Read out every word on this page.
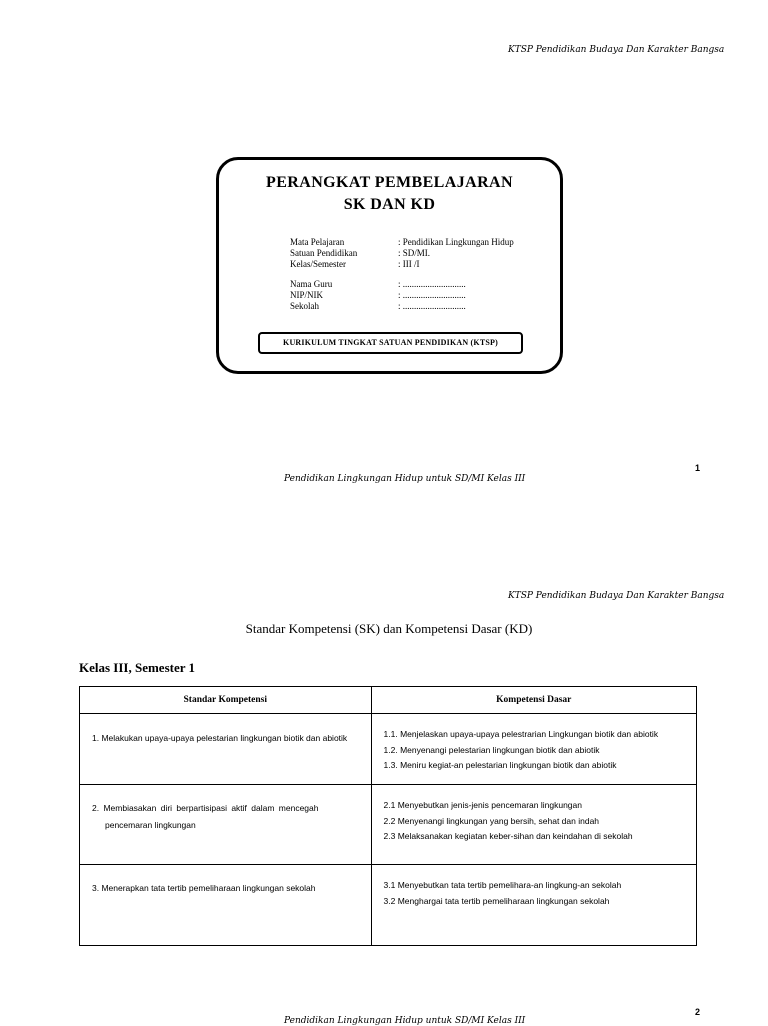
KTSP Pendidikan Budaya Dan Karakter Bangsa
PERANGKAT PEMBELAJARAN
SK DAN KD
Mata Pelajaran	: Pendidikan Lingkungan Hidup
Satuan Pendidikan	: SD/MI.
Kelas/Semester	: III /I
Nama Guru	: ............................
NIP/NIK	: ............................
Sekolah	: ............................
KURIKULUM TINGKAT SATUAN PENDIDIKAN (KTSP)
1
Pendidikan Lingkungan Hidup untuk SD/MI Kelas III
KTSP Pendidikan Budaya Dan Karakter Bangsa
Standar Kompetensi (SK) dan Kompetensi Dasar (KD)
Kelas III, Semester 1
Standar Kompetensi	Kompetensi Dasar

1. Melakukan upaya-upaya pelestarian lingkungan biotik dan abiotik	1.1. Menjelaskan upaya-upaya pelestrarian Lingkungan biotik dan abiotik
1.2. Menyenangi pelestarian lingkungan biotik dan abiotik
1.3. Meniru kegiat-an pelestarian lingkungan biotik dan abiotik

2. Membiasakan diri berpartisipasi aktif dalam mencegah
pencemaran lingkungan	2.1 Menyebutkan jenis-jenis pencemaran lingkungan
2.2 Menyenangi lingkungan yang bersih, sehat dan indah
2.3 Melaksanakan kegiatan keber-sihan dan keindahan di sekolah

3. Menerapkan tata tertib pemeliharaan lingkungan sekolah	3.1 Menyebutkan tata tertib pemelihara-an lingkung-an sekolah
3.2 Menghargai tata tertib pemeliharaan lingkungan sekolah
2
Pendidikan Lingkungan Hidup untuk SD/MI Kelas III
